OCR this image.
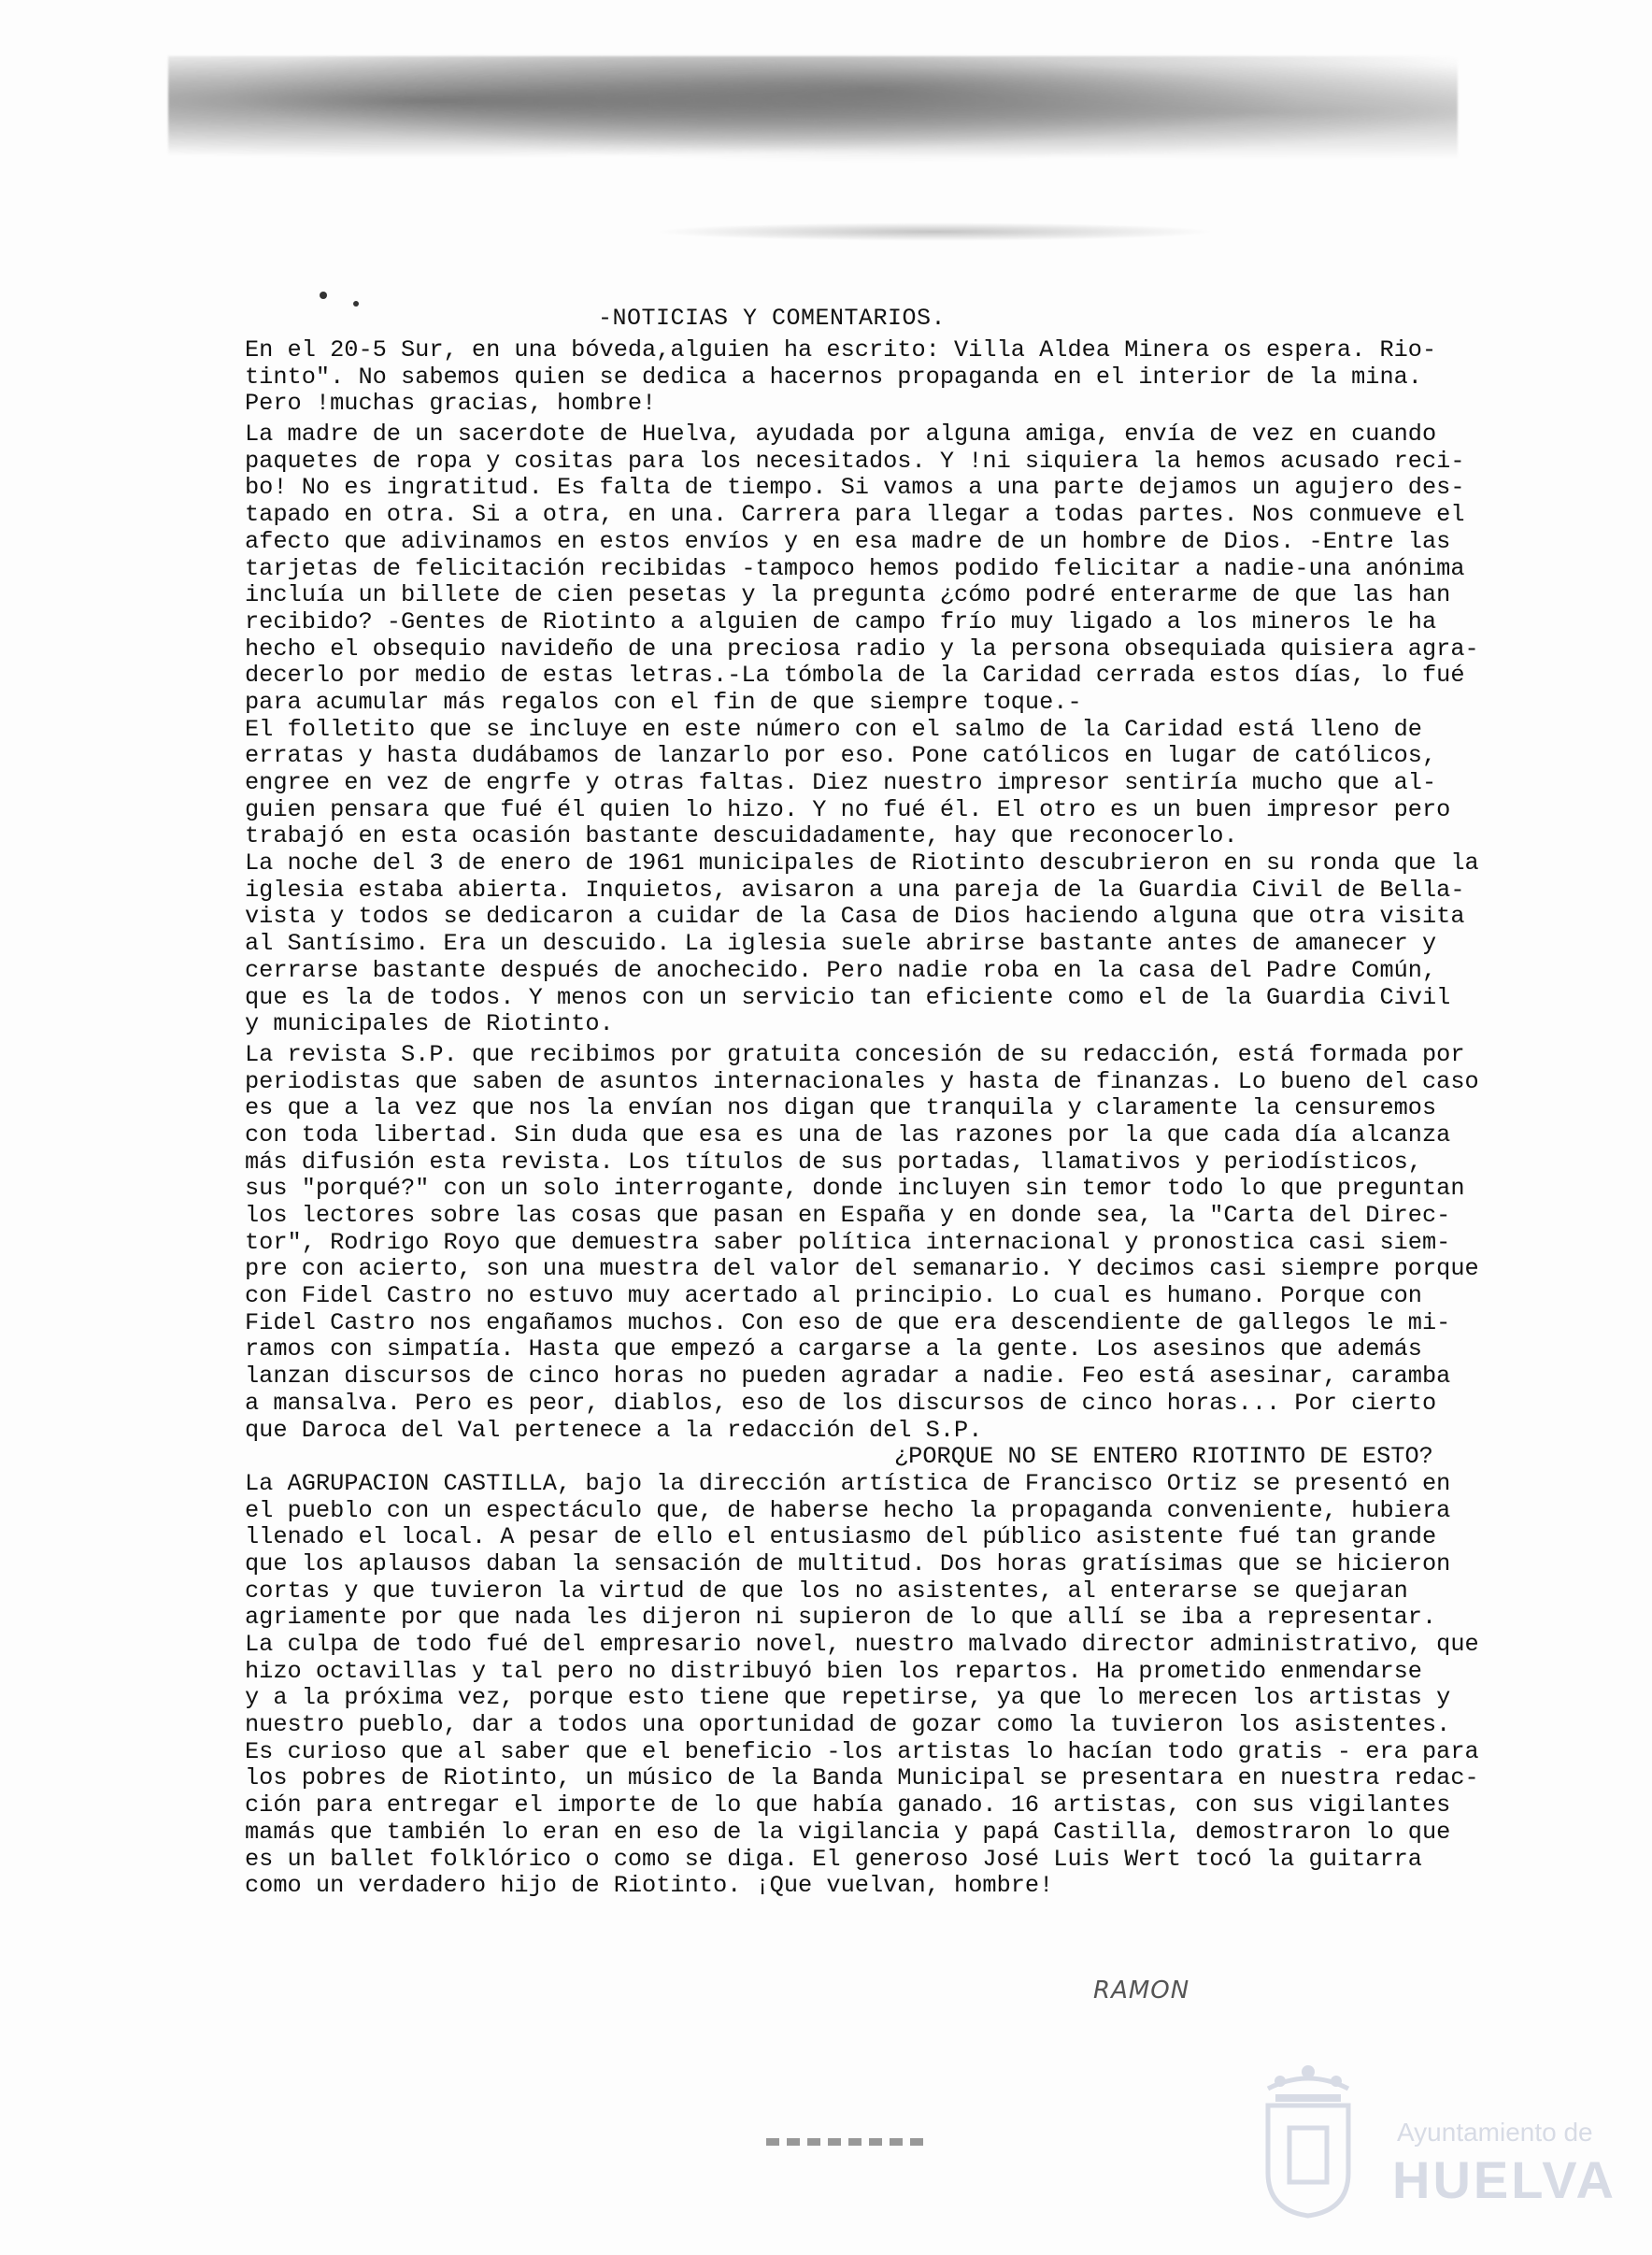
-NOTICIAS Y COMENTARIOS.
En el 20-5 Sur, en una bóveda,alguien ha escrito: Villa Aldea Minera os espera. Rio-
tinto". No sabemos quien se dedica a hacernos propaganda en el interior de la mina.
Pero !muchas gracias, hombre!
La madre de un sacerdote de Huelva, ayudada por alguna amiga, envía de vez en cuando
paquetes de ropa y cositas para los necesitados. Y !ni siquiera la hemos acusado reci-
bo! No es ingratitud. Es falta de tiempo. Si vamos a una parte dejamos un agujero des-
tapado en otra. Si a otra, en una. Carrera para llegar a todas partes. Nos conmueve el
afecto que adivinamos en estos envíos y en esa madre de un hombre de Dios. -Entre las
tarjetas de felicitación recibidas -tampoco hemos podido felicitar a nadie-una anónima
incluía un billete de cien pesetas y la pregunta ¿cómo podré enterarme de que las han
recibido? -Gentes de Riotinto a alguien de campo frío muy ligado a los mineros le ha
hecho el obsequio navideño de una preciosa radio y la persona obsequiada quisiera agra-
decerlo por medio de estas letras.-La tómbola de la Caridad cerrada estos días, lo fué
para acumular más regalos con el fin de que siempre toque.-
El folletito que se incluye en este número con el salmo de la Caridad está lleno de
erratas y hasta dudábamos de lanzarlo por eso. Pone católicos en lugar de católicos,
engree en vez de engrfe y otras faltas. Diez nuestro impresor sentiría mucho que al-
guien pensara que fué él quien lo hizo. Y no fué él. El otro es un buen impresor pero
trabajó en esta ocasión bastante descuidadamente, hay que reconocerlo.
La noche del 3 de enero de 1961 municipales de Riotinto descubrieron en su ronda que la
iglesia estaba abierta. Inquietos, avisaron a una pareja de la Guardia Civil de Bella-
vista y todos se dedicaron a cuidar de la Casa de Dios haciendo alguna que otra visita
al Santísimo. Era un descuido. La iglesia suele abrirse bastante antes de amanecer y
cerrarse bastante después de anochecido. Pero nadie roba en la casa del Padre Común,
que es la de todos. Y menos con un servicio tan eficiente como el de la Guardia Civil
y municipales de Riotinto.
La revista S.P. que recibimos por gratuita concesión de su redacción, está formada por
periodistas que saben de asuntos internacionales y hasta de finanzas. Lo bueno del caso
es que a la vez que nos la envían nos digan que tranquila y claramente la censuremos
con toda libertad. Sin duda que esa es una de las razones por la que cada día alcanza
más difusión esta revista. Los títulos de sus portadas, llamativos y periodísticos,
sus "porqué?" con un solo interrogante, donde incluyen sin temor todo lo que preguntan
los lectores sobre las cosas que pasan en España y en donde sea, la "Carta del Direc-
tor", Rodrigo Royo que demuestra saber política internacional y pronostica casi siem-
pre con acierto, son una muestra del valor del semanario. Y decimos casi siempre porque
con Fidel Castro no estuvo muy acertado al principio. Lo cual es humano. Porque con
Fidel Castro nos engañamos muchos. Con eso de que era descendiente de gallegos le mi-
ramos con simpatía. Hasta que empezó a cargarse a la gente. Los asesinos que además
lanzan discursos de cinco horas no pueden agradar a nadie. Feo está asesinar, caramba
a mansalva. Pero es peor, diablos, eso de los discursos de cinco horas... Por cierto
que Daroca del Val pertenece a la redacción del S.P.
¿PORQUE NO SE ENTERO RIOTINTO DE ESTO?
La AGRUPACION CASTILLA, bajo la dirección artística de Francisco Ortiz se presentó en
el pueblo con un espectáculo que, de haberse hecho la propaganda conveniente, hubiera
llenado el local. A pesar de ello el entusiasmo del público asistente fué tan grande
que los aplausos daban la sensación de multitud. Dos horas gratísimas que se hicieron
cortas y que tuvieron la virtud de que los no asistentes, al enterarse se quejaran
agriamente por que nada les dijeron ni supieron de lo que allí se iba a representar.
La culpa de todo fué del empresario novel, nuestro malvado director administrativo, que
hizo octavillas y tal pero no distribuyó bien los repartos. Ha prometido enmendarse
y a la próxima vez, porque esto tiene que repetirse, ya que lo merecen los artistas y
nuestro pueblo, dar a todos una oportunidad de gozar como la tuvieron los asistentes.
Es curioso que al saber que el beneficio -los artistas lo hacían todo gratis - era para
los pobres de Riotinto, un músico de la Banda Municipal se presentara en nuestra redac-
ción para entregar el importe de lo que había ganado. 16 artistas, con sus vigilantes
mamás que también lo eran en eso de la vigilancia y papá Castilla, demostraron lo que
es un ballet folklórico o como se diga. El generoso José Luis Wert tocó la guitarra
como un verdadero hijo de Riotinto. ¡Que vuelvan, hombre!
RAMON
Ayuntamiento de
HUELVA
